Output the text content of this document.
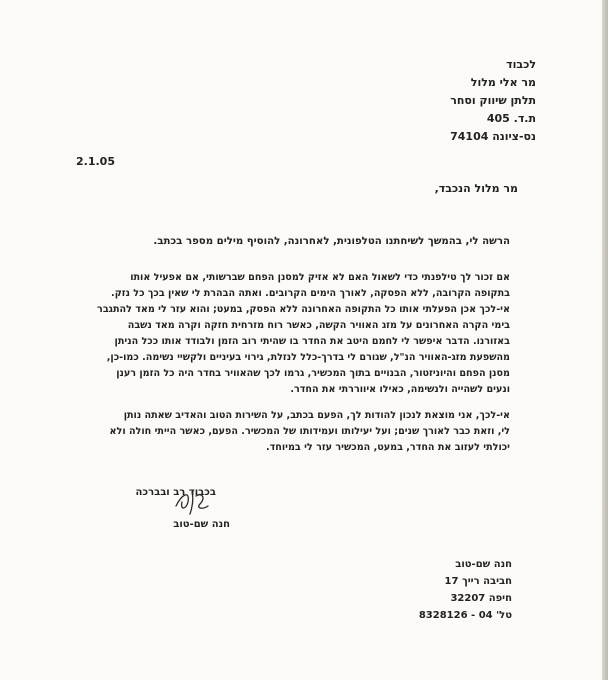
לכבוד
מר אלי מלול
תלתן שיווק וסחר
ת.ד. 405
נס-ציונה 74104
2.1.05
מר מלול הנכבד,
הרשה לי, בהמשך לשיחתנו הטלפונית, לאחרונה, להוסיף מילים מספר בכתב.
אם זכור לך טילפנתי כדי לשאול האם לא אזיק למסנן הפחם שברשותי, אם אפעיל אותו
בתקופה הקרובה, ללא הפסקה, לאורך הימים הקרובים. ואתה הבהרת לי שאין בכך כל נזק.
אי-לכך אכן הפעלתי אותו כל התקופה האחרונה ללא הפסק, במעט; והוא עזר לי מאד להתגבר
בימי הקרה האחרונים על מזג האוויר הקשה, כאשר רוח מזרחית חזקה וקרה מאד נשבה
באזורנו. הדבר איפשר לי לחמם היטב את החדר בו שהיתי רוב הזמן ולבודד אותו ככל הניתן
מהשפעת מזג-האוויר הנ"ל, שגורם לי בדרך-כלל לנזלת, גירוי בעיניים ולקשיי נשימה. כמו-כן,
מסנן הפחם והיוניזטור, הבנויים בתוך המכשיר, גרמו לכך שהאוויר בחדר היה כל הזמן רענן
ונעים לשהייה ולנשימה, כאילו איווררתי את החדר.
אי-לכך, אני מוצאת לנכון להודות לך, הפעם בכתב, על השירות הטוב והאדיב שאתה נותן
לי, וזאת כבר לאורך שנים; ועל יעילותו ועמידותו של המכשיר. הפעם, כאשר הייתי חולה ולא
יכולתי לעזוב את החדר, במעט, המכשיר עזר לי במיוחד.
בכבוד רב ובברכה
חנה שם-טוב
חנה שם-טוב
חביבה רייך 17
חיפה 32207
טל' 04 - 8328126
